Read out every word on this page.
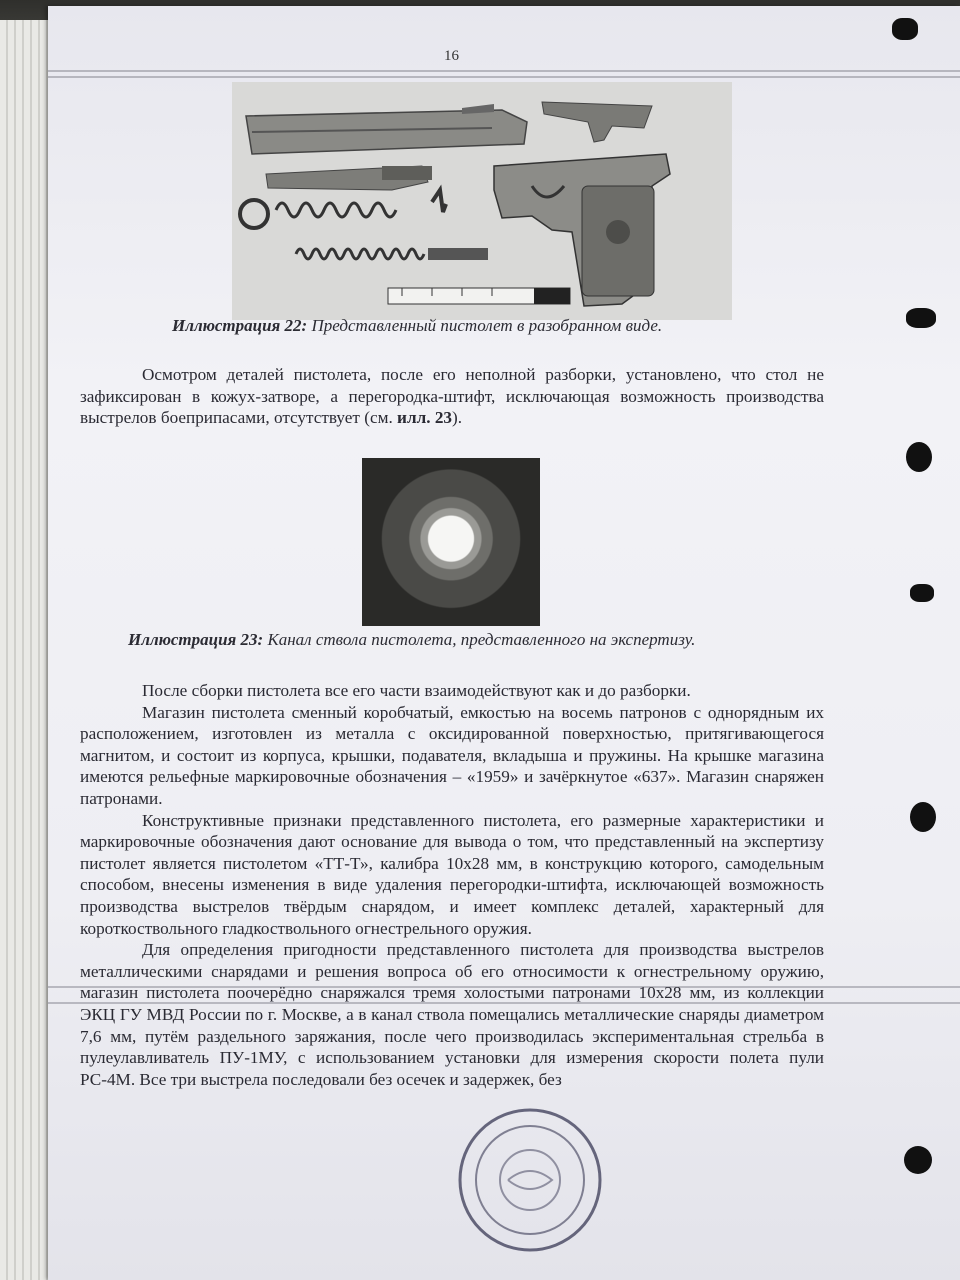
16
Иллюстрация 22: Представленный пистолет в разобранном виде.

Осмотром деталей пистолета, после его неполной разборки, установлено, что стол не зафиксирован в кожух-затворе, а перегородка-штифт, исключающая возможность производства выстрелов боеприпасами, отсутствует (см. илл. 23).

Иллюстрация 23: Канал ствола пистолета, представленного на экспертизу.
После сборки пистолета все его части взаимодействуют как и до разборки.
Магазин пистолета сменный коробчатый, емкостью на восемь патронов с однорядным их расположением, изготовлен из металла с оксидированной поверхностью, притягивающегося магнитом, и состоит из корпуса, крышки, подавателя, вкладыша и пружины. На крышке магазина имеются рельефные маркировочные обозначения – «1959» и зачёркнутое «637». Магазин снаряжен патронами.
Конструктивные признаки представленного пистолета, его размерные характеристики и маркировочные обозначения дают основание для вывода о том, что представленный на экспертизу пистолет является пистолетом «ТТ-Т», калибра 10х28 мм, в конструкцию которого, самодельным способом, внесены изменения в виде удаления перегородки-штифта, исключающей возможность производства выстрелов твёрдым снарядом, и имеет комплекс деталей, характерный для короткоствольного гладкоствольного огнестрельного оружия.
Для определения пригодности представленного пистолета для производства выстрелов металлическими снарядами и решения вопроса об его относимости к огнестрельному оружию, магазин пистолета поочерёдно снаряжался тремя холостыми патронами 10х28 мм, из коллекции ЭКЦ ГУ МВД России по г. Москве, а в канал ствола помещались металлические снаряды диаметром 7,6 мм, путём раздельного заряжания, после чего производилась экспериментальная стрельба в пулеулавливатель ПУ-1МУ, с использованием установки для измерения скорости полета пули РС-4М. Все три выстрела последовали без осечек и задержек, без
